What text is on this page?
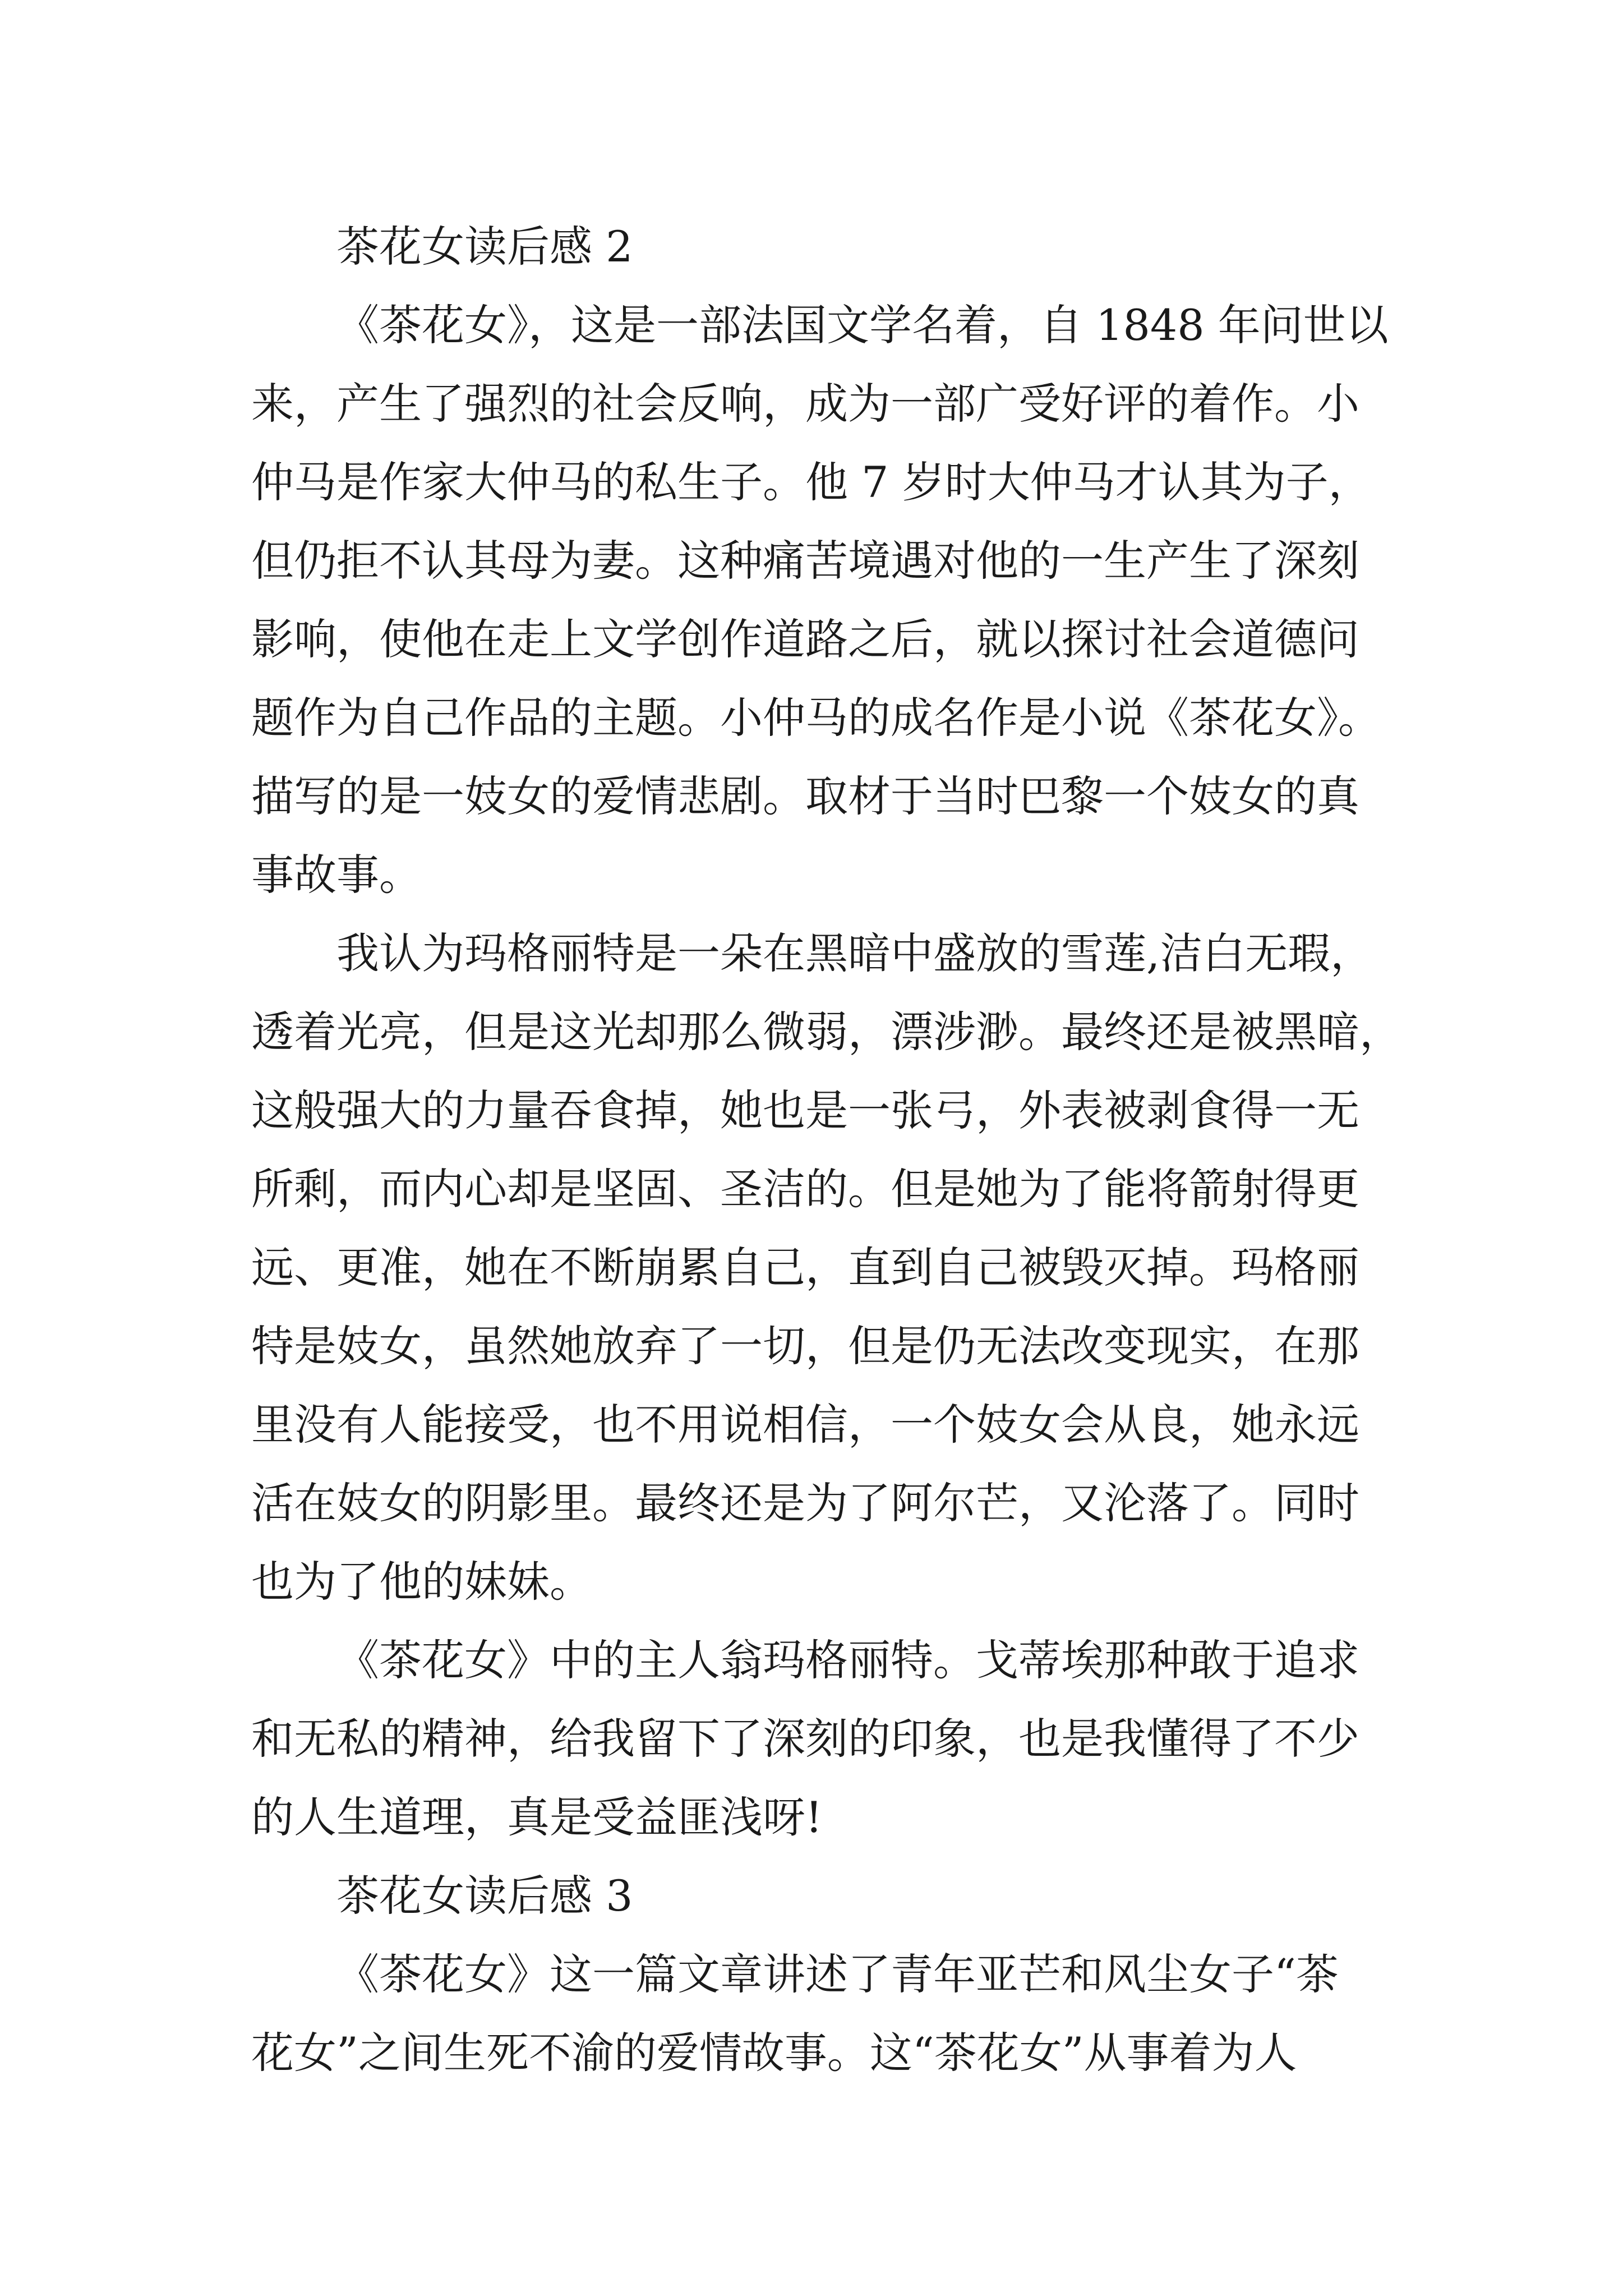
茶花女读后感 2

《茶花女》，这是一部法国文学名着，自 1848 年问世以
来，产生了强烈的社会反响，成为一部广受好评的着作。小
仲马是作家大仲马的私生子。他 7 岁时大仲马才认其为子，
但仍拒不认其母为妻。这种痛苦境遇对他的一生产生了深刻
影响，使他在走上文学创作道路之后，就以探讨社会道德问
题作为自己作品的主题。小仲马的成名作是小说《茶花女》。
描写的是一妓女的爱情悲剧。取材于当时巴黎一个妓女的真
事故事。

我认为玛格丽特是一朵在黑暗中盛放的雪莲,洁白无瑕，
透着光亮，但是这光却那么微弱，漂涉渺。最终还是被黑暗，
这般强大的力量吞食掉，她也是一张弓，外表被剥食得一无
所剩，而内心却是坚固、圣洁的。但是她为了能将箭射得更
远、更准，她在不断崩累自己，直到自己被毁灭掉。玛格丽
特是妓女，虽然她放弃了一切，但是仍无法改变现实，在那
里没有人能接受，也不用说相信，一个妓女会从良，她永远
活在妓女的阴影里。最终还是为了阿尔芒，又沦落了。同时
也为了他的妹妹。

《茶花女》中的主人翁玛格丽特。戈蒂埃那种敢于追求
和无私的精神，给我留下了深刻的印象，也是我懂得了不少
的人生道理，真是受益匪浅呀!

茶花女读后感 3

《茶花女》这一篇文章讲述了青年亚芒和风尘女子“茶
花女”之间生死不渝的爱情故事。这“茶花女”从事着为人
